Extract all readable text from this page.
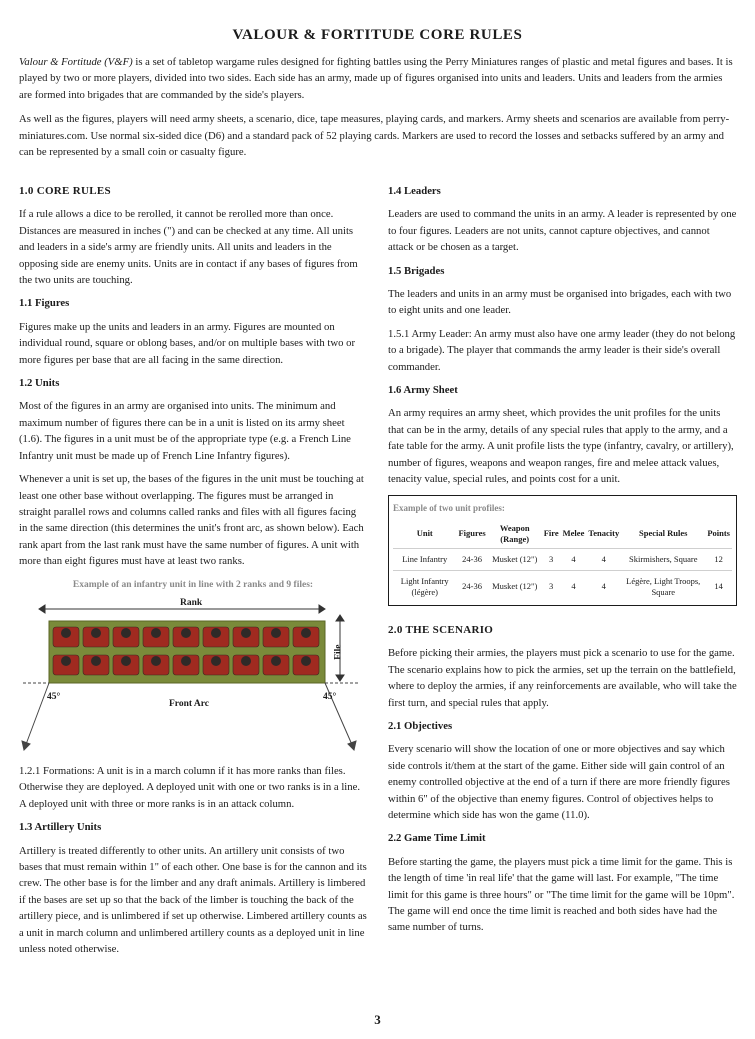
VALOUR & FORTITUDE CORE RULES

Valour & Fortitude (V&F) is a set of tabletop wargame rules designed for fighting battles using the Perry Miniatures ranges of plastic and metal figures and bases. It is played by two or more players, divided into two sides. Each side has an army, made up of figures organised into units and leaders. Units and leaders from the armies are formed into brigades that are commanded by the side's players.

As well as the figures, players will need army sheets, a scenario, dice, tape measures, playing cards, and markers. Army sheets and scenarios are available from perry-miniatures.com. Use normal six-sided dice (D6) and a standard pack of 52 playing cards. Markers are used to record the losses and setbacks suffered by an army and can be represented by a small coin or casualty figure.

1.0 CORE RULES

If a rule allows a dice to be rerolled, it cannot be rerolled more than once. Distances are measured in inches (") and can be checked at any time. All units and leaders in a side's army are friendly units. All units and leaders in the opposing side are enemy units. Units are in contact if any bases of figures from the two units are touching.

1.1 Figures

Figures make up the units and leaders in an army. Figures are mounted on individual round, square or oblong bases, and/or on multiple bases with two or more figures per base that are all facing in the same direction.

1.2 Units

Most of the figures in an army are organised into units. The minimum and maximum number of figures there can be in a unit is listed on its army sheet (1.6). The figures in a unit must be of the appropriate type (e.g. a French Line Infantry unit must be made up of French Line Infantry figures).

Whenever a unit is set up, the bases of the figures in the unit must be touching at least one other base without overlapping. The figures must be arranged in straight parallel rows and columns called ranks and files with all figures facing in the same direction (this determines the unit's front arc, as shown below). Each rank apart from the last rank must have the same number of figures. A unit with more than eight figures must have at least two ranks.

Example of an infantry unit in line with 2 ranks and 9 files:
Rank
File
45°	45°
Front Arc

1.2.1 Formations: A unit is in a march column if it has more ranks than files. Otherwise they are deployed. A deployed unit with one or two ranks is in a line. A deployed unit with three or more ranks is in an attack column.

1.3 Artillery Units

Artillery is treated differently to other units. An artillery unit consists of two bases that must remain within 1" of each other. One base is for the cannon and its crew. The other base is for the limber and any draft animals. Artillery is limbered if the bases are set up so that the back of the limber is touching the back of the artillery piece, and is unlimbered if set up otherwise. Limbered artillery counts as a unit in march column and unlimbered artillery counts as a deployed unit in line unless noted otherwise.

1.4 Leaders

Leaders are used to command the units in an army. A leader is represented by one to four figures. Leaders are not units, cannot capture objectives, and cannot attack or be chosen as a target.

1.5 Brigades

The leaders and units in an army must be organised into brigades, each with two to eight units and one leader.

1.5.1 Army Leader: An army must also have one army leader (they do not belong to a brigade). The player that commands the army leader is their side's overall commander.

1.6 Army Sheet

An army requires an army sheet, which provides the unit profiles for the units that can be in the army, details of any special rules that apply to the army, and a fate table for the army. A unit profile lists the type (infantry, cavalry, or artillery), number of figures, weapons and weapon ranges, fire and melee attack values, tenacity value, special rules, and points cost for a unit.

Example of two unit profiles:
Unit	Figures	Weapon (Range)	Fire	Melee	Tenacity	Special Rules	Points
Line Infantry	24-36	Musket (12")	3	4	4	Skirmishers, Square	12
Light Infantry (légère)	24-36	Musket (12")	3	4	4	Légère, Light Troops, Square	14
2.0 THE SCENARIO

Before picking their armies, the players must pick a scenario to use for the game. The scenario explains how to pick the armies, set up the terrain on the battlefield, where to deploy the armies, if any reinforcements are available, who will take the first turn, and special rules that apply.

2.1 Objectives

Every scenario will show the location of one or more objectives and say which side controls it/them at the start of the game. Either side will gain control of an enemy controlled objective at the end of a turn if there are more friendly figures within 6" of the objective than enemy figures. Control of objectives helps to determine which side has won the game (11.0).

2.2 Game Time Limit

Before starting the game, the players must pick a time limit for the game. This is the length of time 'in real life' that the game will last. For example, "The time limit for this game is three hours" or "The time limit for the game will be 10pm". The game will end once the time limit is reached and both sides have had the same number of turns.

3
